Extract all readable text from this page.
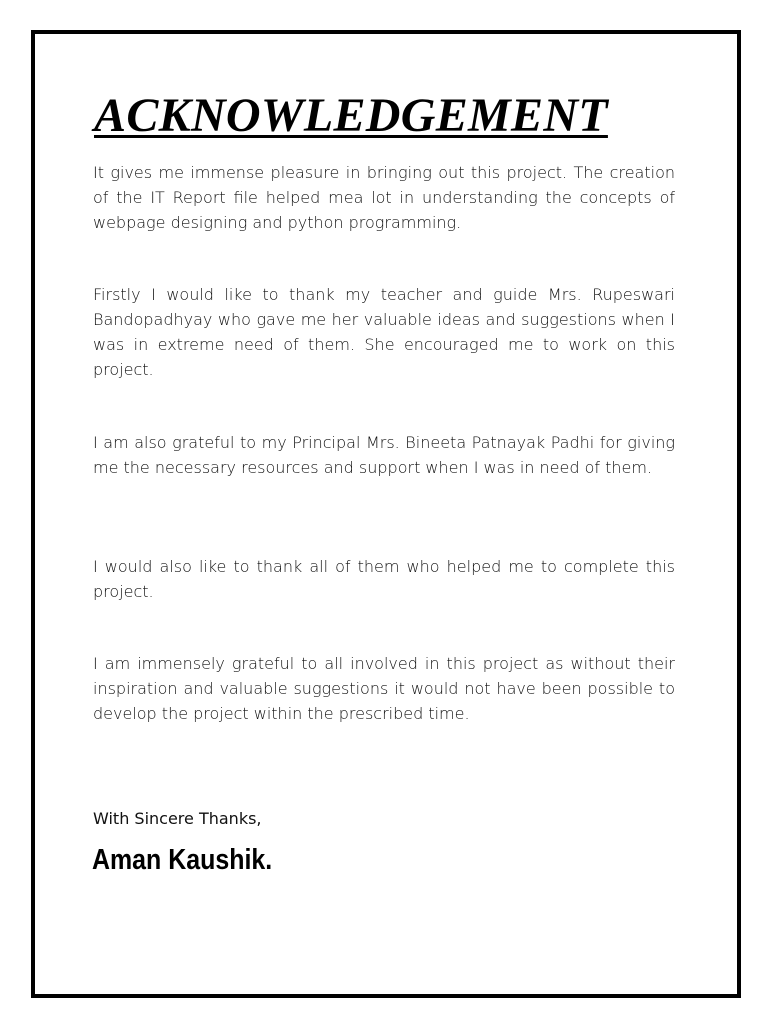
ACKNOWLEDGEMENT

It gives me immense pleasure in bringing out this project. The creation of the IT Report file helped mea lot in understanding the concepts of webpage designing and python programming.

Firstly I would like to thank my teacher and guide Mrs. Rupeswari Bandopadhyay who gave me her valuable ideas and suggestions when I was in extreme need of them. She encouraged me to work on this project.

I am also grateful to my Principal Mrs. Bineeta Patnayak Padhi for giving me the necessary resources and support when I was in need of them.

I would also like to thank all of them who helped me to complete this project.

I am immensely grateful to all involved in this project as without their inspiration and valuable suggestions it would not have been possible to develop the project within the prescribed time.

With Sincere Thanks,
Aman Kaushik.
